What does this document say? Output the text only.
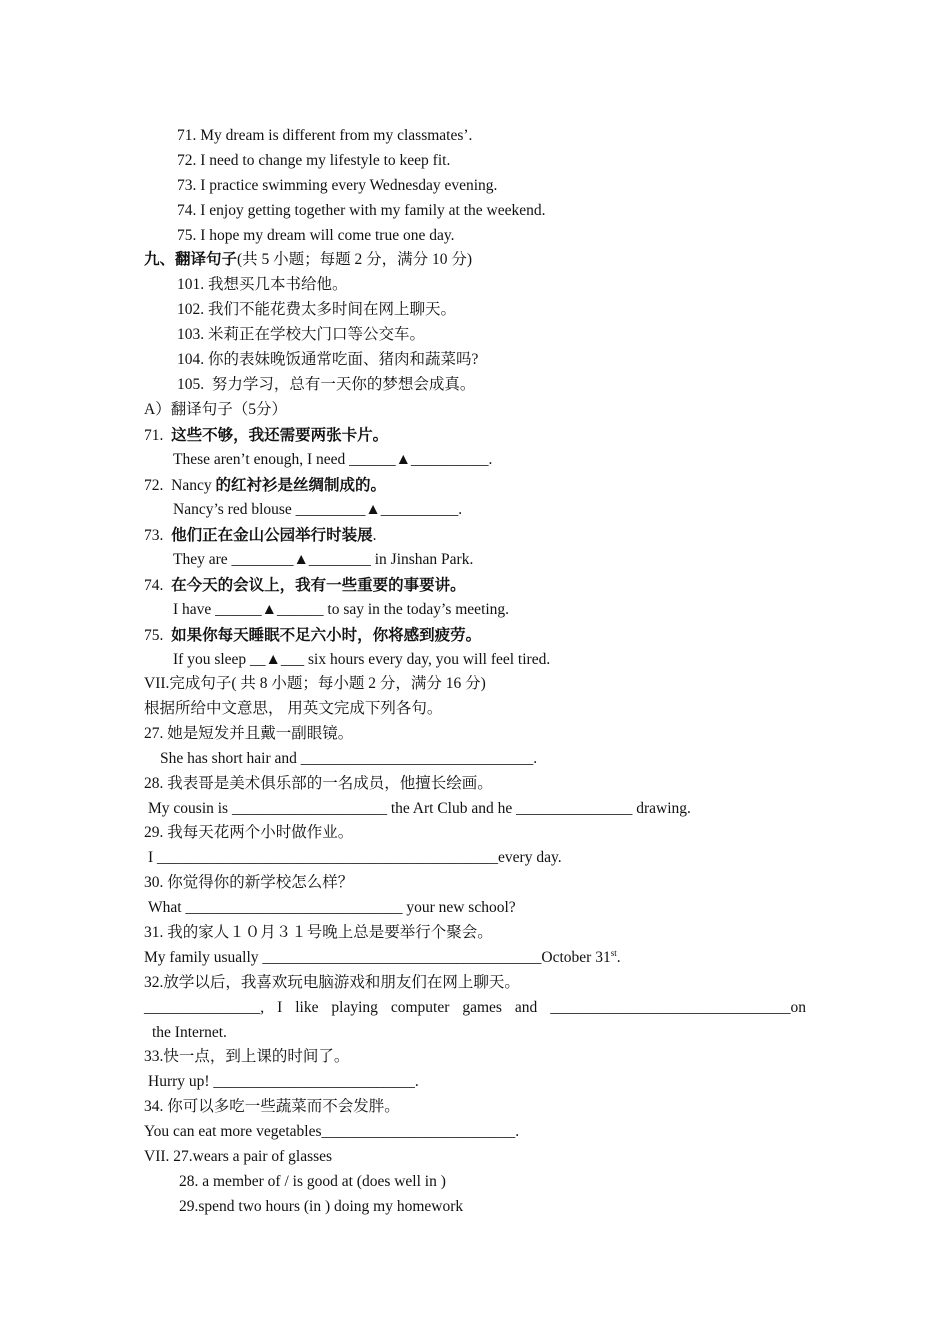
71. My dream is different from my classmates’.
72. I need to change my lifestyle to keep fit.
73. I practice swimming every Wednesday evening.
74. I enjoy getting together with my family at the weekend.
75. I hope my dream will come true one day.
九、翻译句子(共 5 小题；每题 2 分，满分 10 分)
101. 我想买几本书给他。
102. 我们不能花费太多时间在网上聊天。
103. 米莉正在学校大门口等公交车。
104. 你的表妹晚饭通常吃面、猪肉和蔬菜吗?
105.  努力学习，总有一天你的梦想会成真。
A）翻译句子（5分）
71. 这些不够，我还需要两张卡片。
These aren’t enough, I need ______▲__________.
72. Nancy 的红衬衫是丝绸制成的。
Nancy’s red blouse _________▲__________.
73. 他们正在金山公园举行时装展.
They are ________▲________ in Jinshan Park.
74. 在今天的会议上，我有一些重要的事要讲。
I have ______▲______ to say in the today’s meeting.
75. 如果你每天睡眠不足六小时，你将感到疲劳。
If you sleep __▲___ six hours every day, you will feel tired.
VII.完成句子( 共 8 小题；每小题 2 分，满分 16 分)
根据所给中文意思， 用英文完成下列各句。
27. 她是短发并且戴一副眼镜。
She has short hair and ______________________________.
28. 我表哥是美术俱乐部的一名成员，他擅长绘画。
My cousin is ____________________ the Art Club and he _______________ drawing.
29. 我每天花两个小时做作业。
I ____________________________________________every day.
30. 你觉得你的新学校怎么样？
What ____________________________ your new school?
31. 我的家人１０月３１号晚上总是要举行个聚会。
My family usually ____________________________________October 31st.
32.放学以后，我喜欢玩电脑游戏和朋友们在网上聊天。
_______________, I like playing computer games and _______________________________on
the Internet.
33.快一点，到上课的时间了。
Hurry up! __________________________.
34. 你可以多吃一些蔬菜而不会发胖。
You can eat more vegetables_________________________.
VII. 27.wears a pair of glasses
28. a member of / is good at (does well in )
29.spend two hours (in ) doing my homework
